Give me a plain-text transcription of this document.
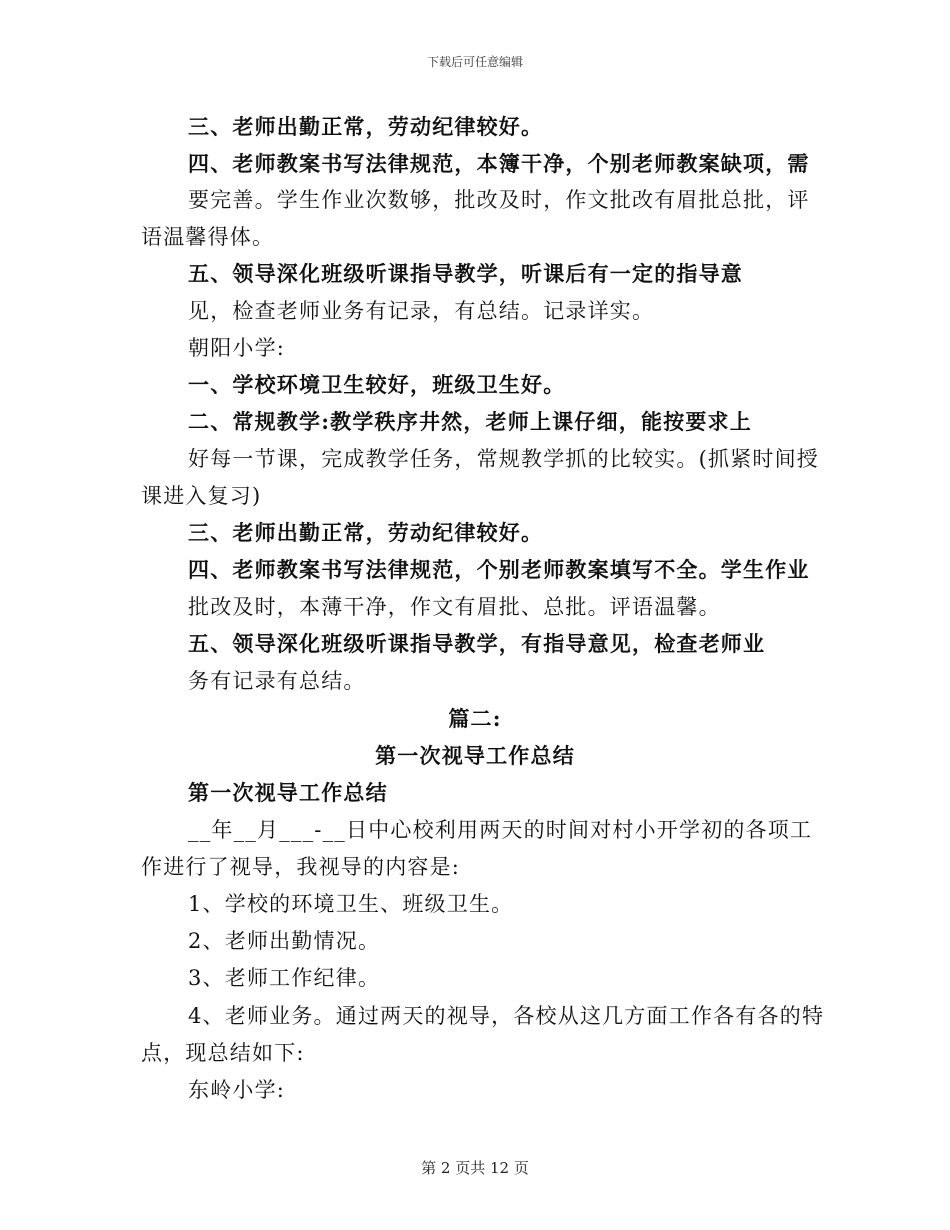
下载后可任意编辑
三、老师出勤正常，劳动纪律较好。
四、老师教案书写法律规范，本簿干净，个别老师教案缺项，需
要完善。学生作业次数够，批改及时，作文批改有眉批总批，评
语温馨得体。
五、领导深化班级听课指导教学，听课后有一定的指导意
见，检查老师业务有记录，有总结。记录详实。
朝阳小学:
一、学校环境卫生较好，班级卫生好。
二、常规教学:教学秩序井然，老师上课仔细，能按要求上
好每一节课，完成教学任务，常规教学抓的比较实。(抓紧时间授
课进入复习)
三、老师出勤正常，劳动纪律较好。
四、老师教案书写法律规范，个别老师教案填写不全。学生作业
批改及时，本薄干净，作文有眉批、总批。评语温馨。
五、领导深化班级听课指导教学，有指导意见，检查老师业
务有记录有总结。
篇二:
第一次视导工作总结
第一次视导工作总结
__年__月___-__日中心校利用两天的时间对村小开学初的各项工
作进行了视导，我视导的内容是:
1、学校的环境卫生、班级卫生。
2、老师出勤情况。
3、老师工作纪律。
4、老师业务。通过两天的视导，各校从这几方面工作各有各的特
点，现总结如下:
东岭小学:
第 2 页共 12 页
